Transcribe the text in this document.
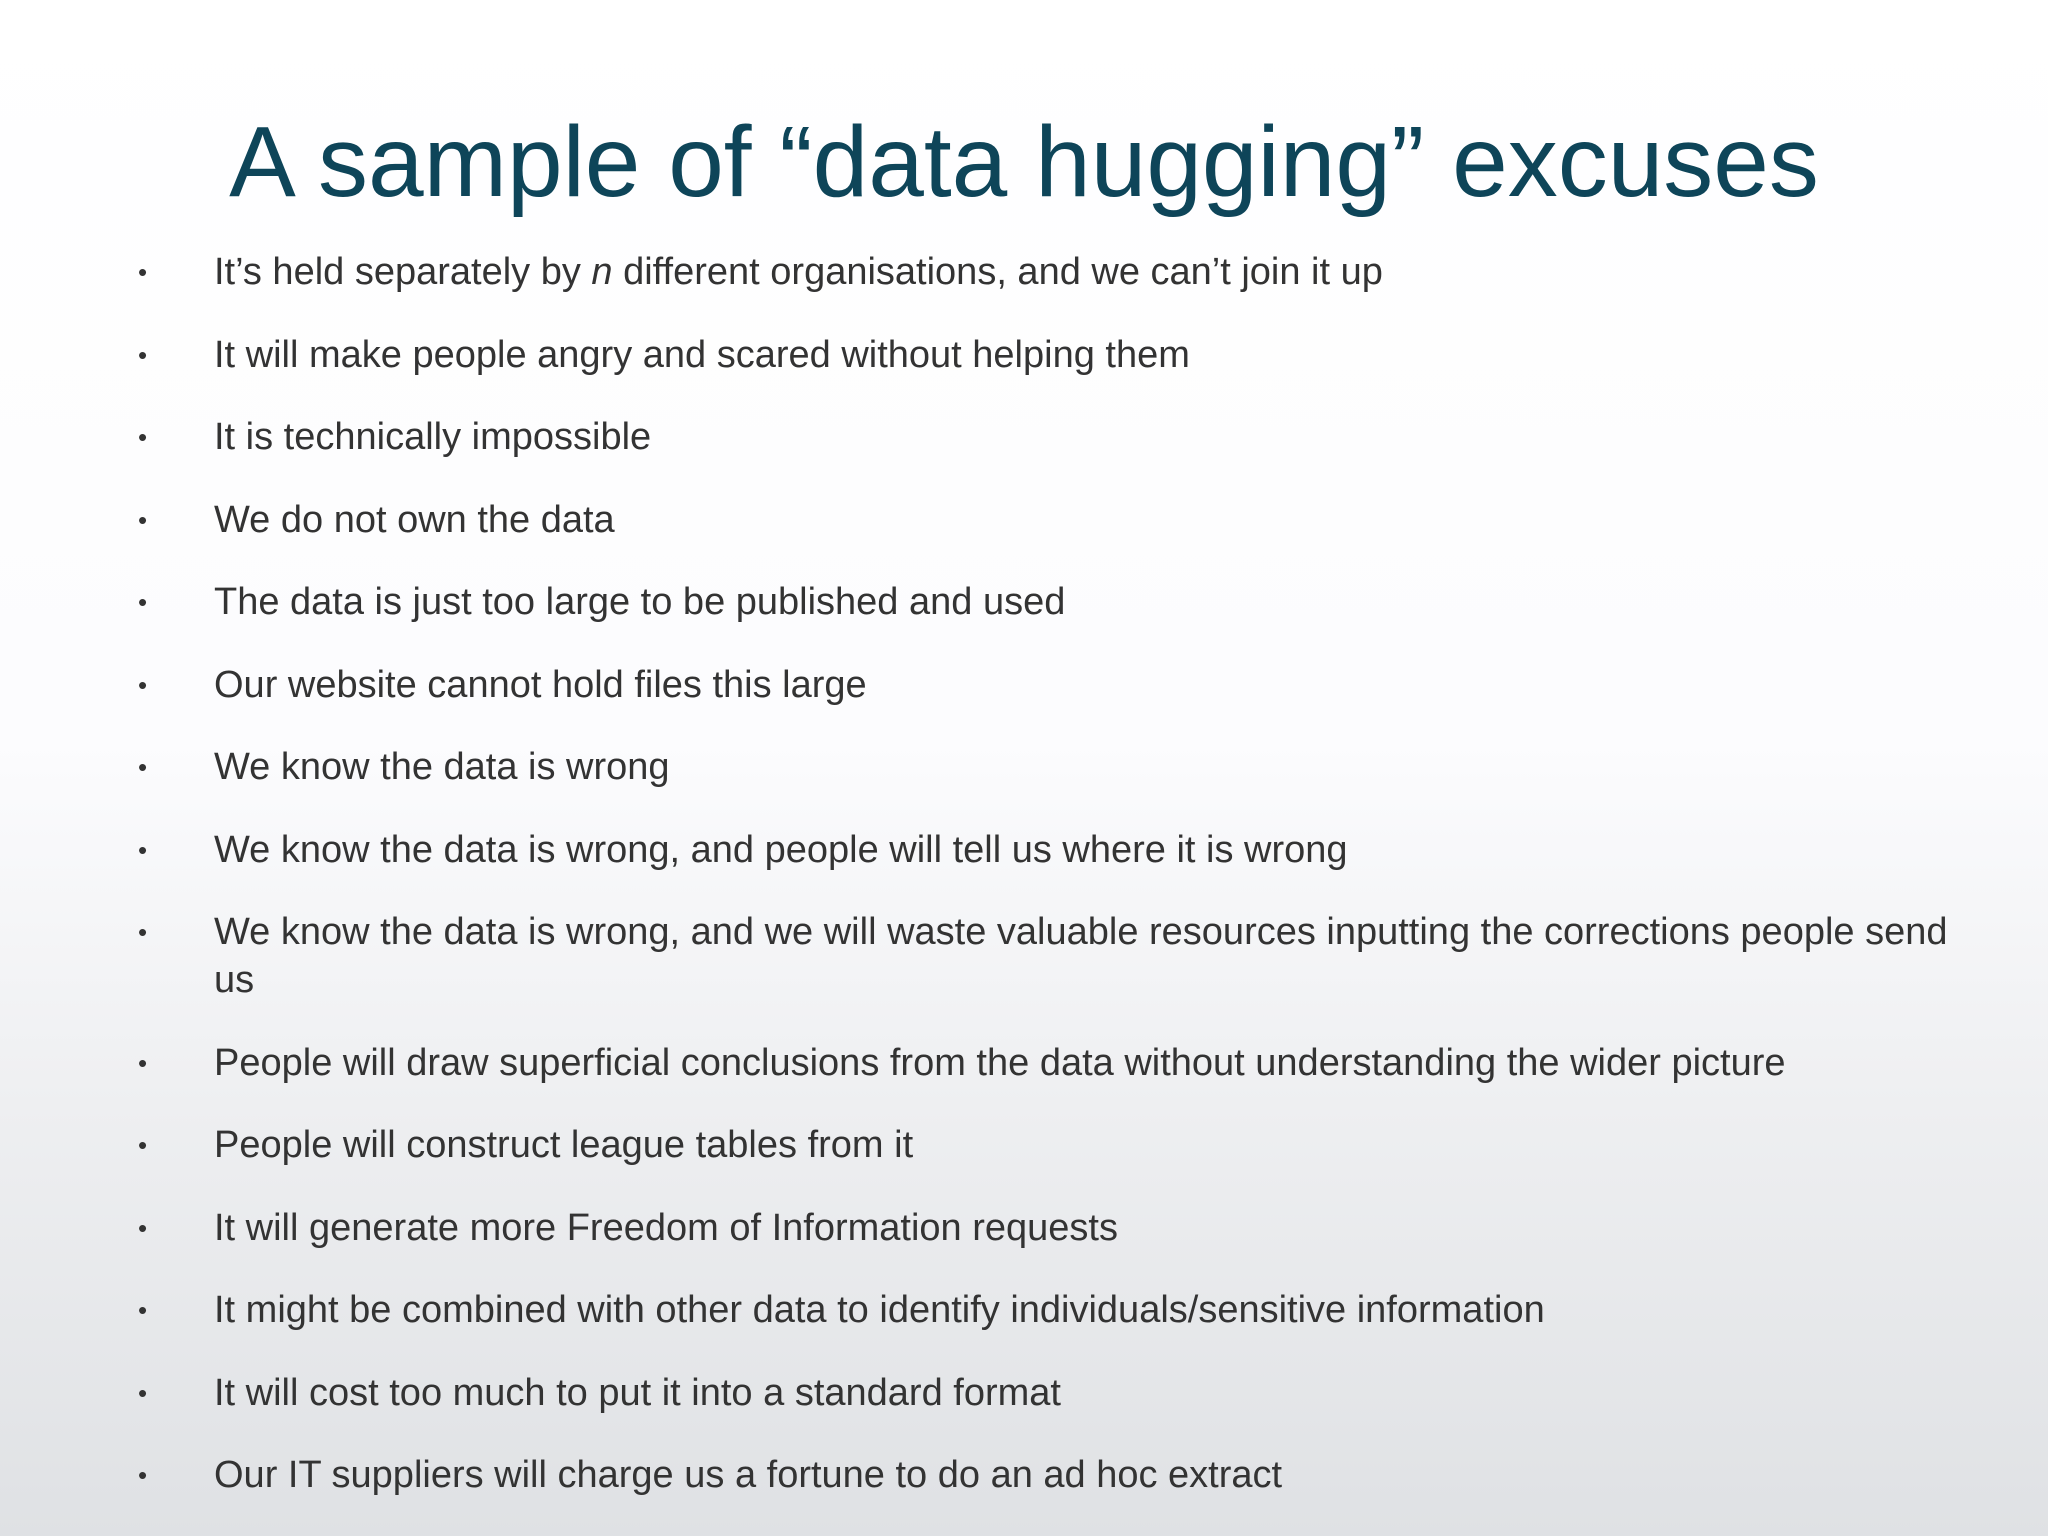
A sample of “data hugging” excuses
• It’s held separately by n different organisations, and we can’t join it up
• It will make people angry and scared without helping them
• It is technically impossible
• We do not own the data
• The data is just too large to be published and used
• Our website cannot hold files this large
• We know the data is wrong
• We know the data is wrong, and people will tell us where it is wrong
• We know the data is wrong, and we will waste valuable resources inputting the corrections people send us
• People will draw superficial conclusions from the data without understanding the wider picture
• People will construct league tables from it
• It will generate more Freedom of Information requests
• It might be combined with other data to identify individuals/sensitive information
• It will cost too much to put it into a standard format
• Our IT suppliers will charge us a fortune to do an ad hoc extract
